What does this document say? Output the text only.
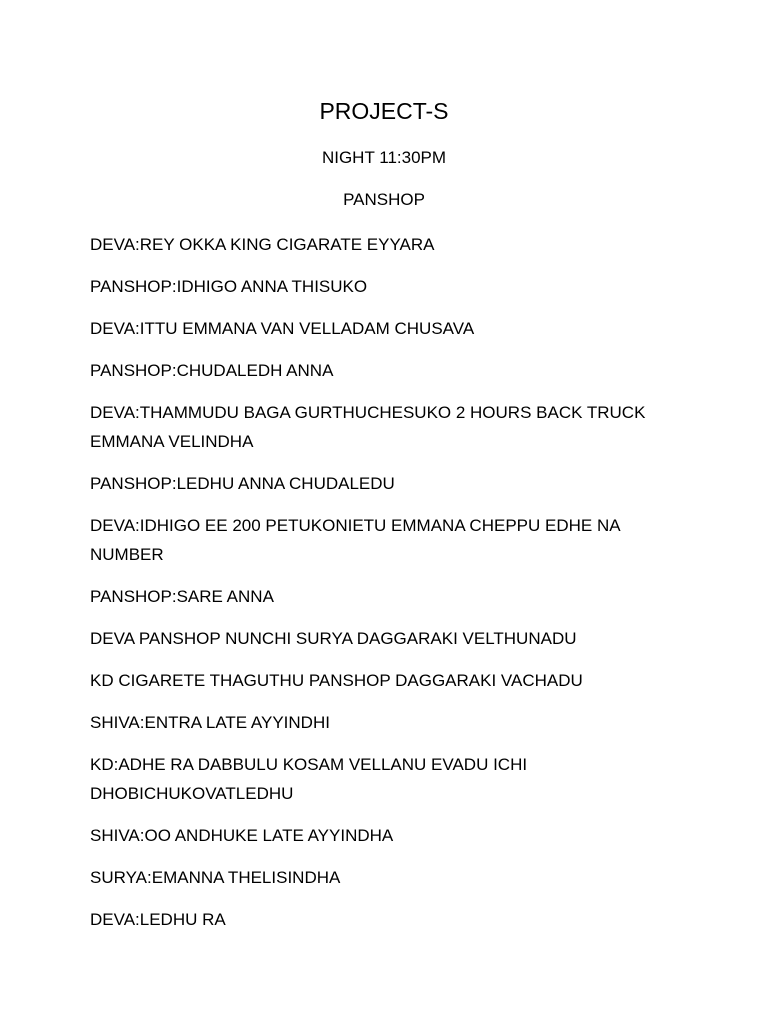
PROJECT-S

NIGHT 11:30PM

PANSHOP

DEVA:REY OKKA KING CIGARATE EYYARA
PANSHOP:IDHIGO ANNA THISUKO
DEVA:ITTU EMMANA VAN VELLADAM CHUSAVA
PANSHOP:CHUDALEDH ANNA
DEVA:THAMMUDU BAGA GURTHUCHESUKO 2 HOURS BACK TRUCK EMMANA VELINDHA
PANSHOP:LEDHU ANNA CHUDALEDU
DEVA:IDHIGO EE 200 PETUKONIETU EMMANA CHEPPU EDHE NA NUMBER
PANSHOP:SARE ANNA
DEVA PANSHOP NUNCHI SURYA DAGGARAKI VELTHUNADU
KD CIGARETE THAGUTHU PANSHOP DAGGARAKI VACHADU
SHIVA:ENTRA LATE AYYINDHI
KD:ADHE RA DABBULU KOSAM VELLANU EVADU ICHI DHOBICHUKOVATLEDHU
SHIVA:OO ANDHUKE LATE AYYINDHA
SURYA:EMANNA THELISINDHA
DEVA:LEDHU RA
